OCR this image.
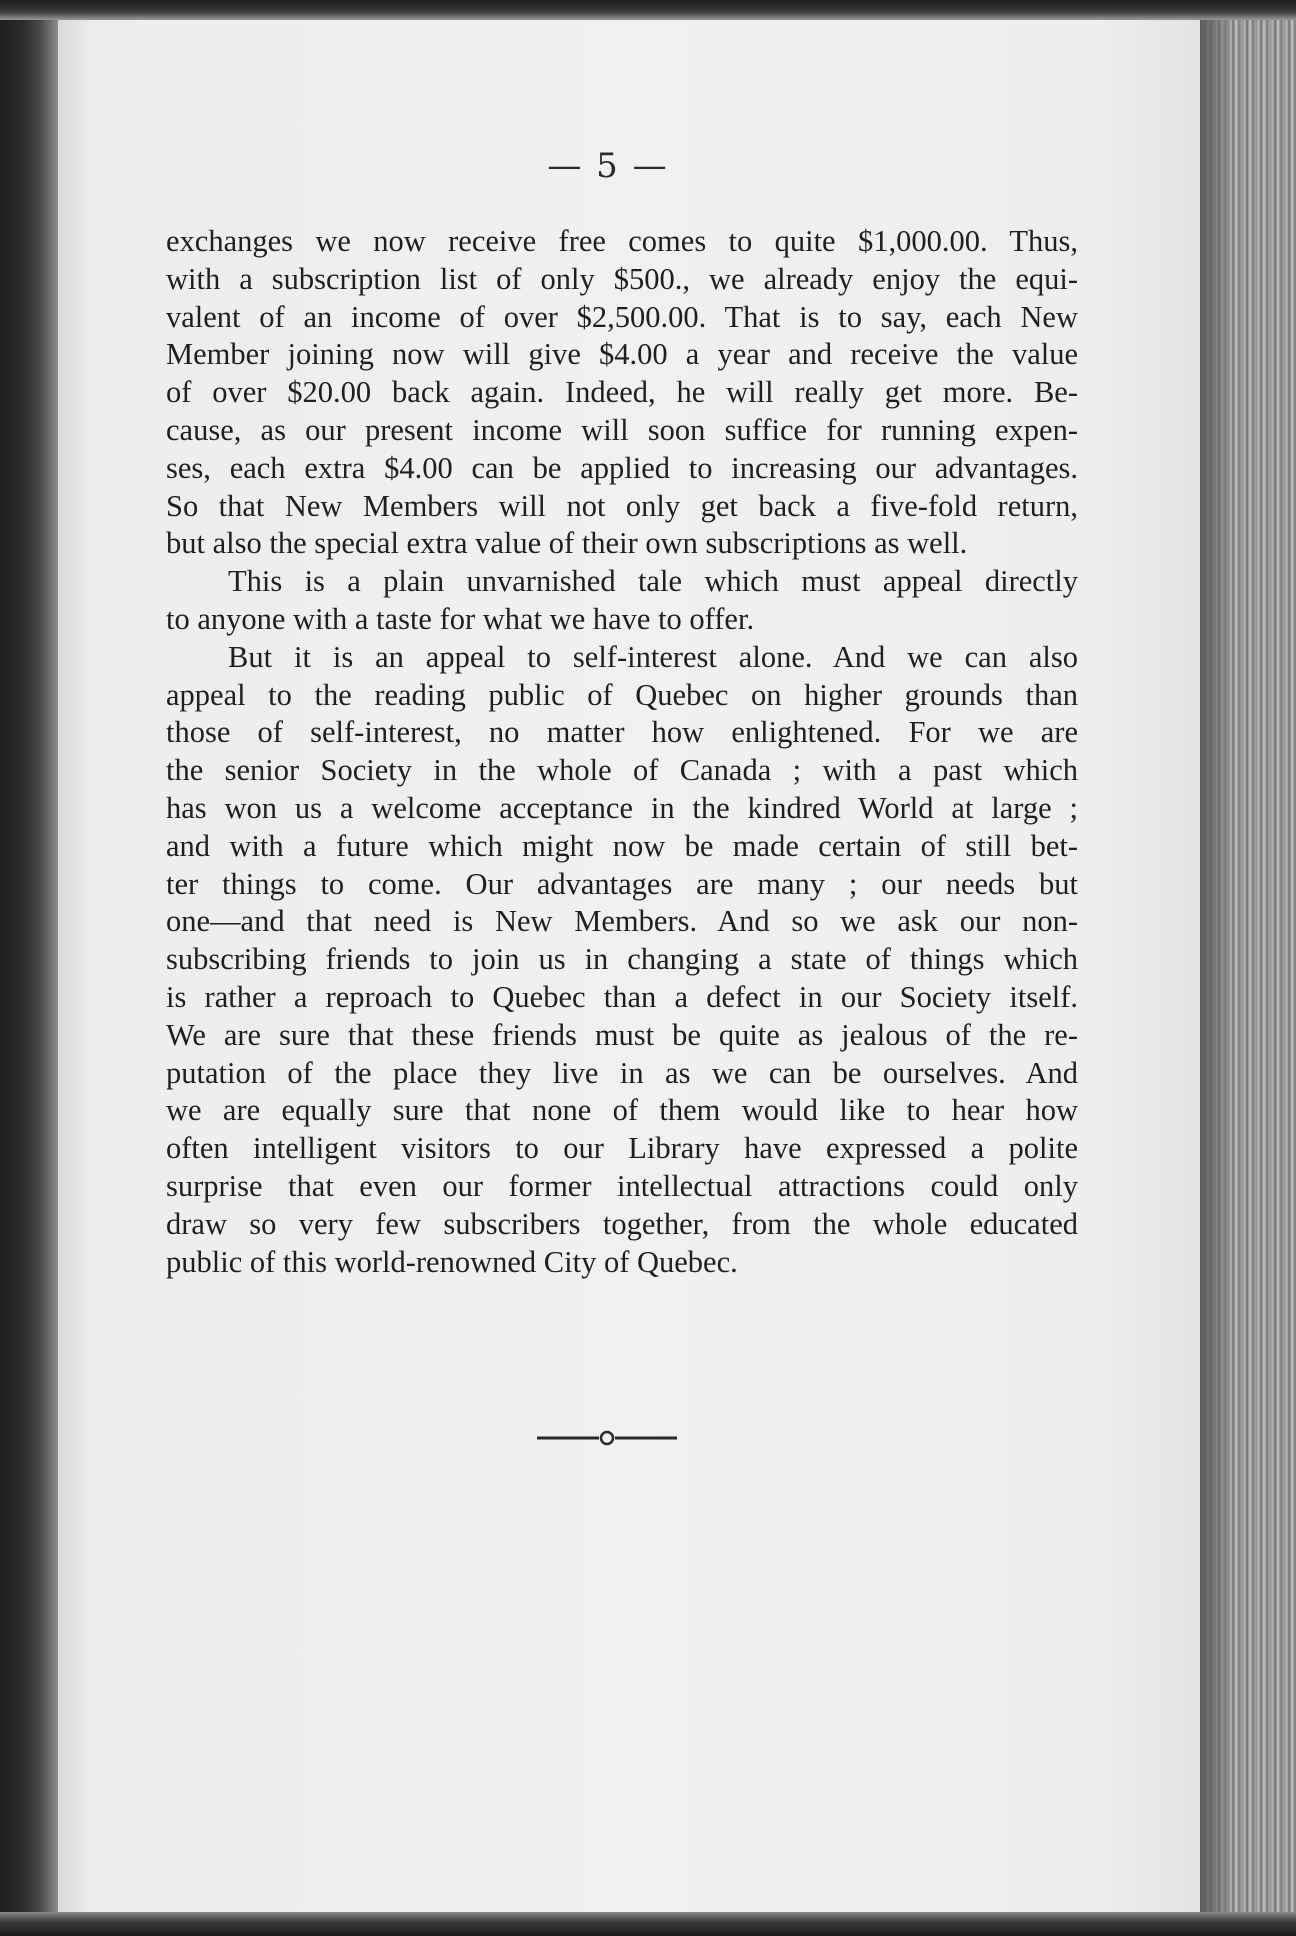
— 5 —
exchanges we now receive free comes to quite $1,000.00. Thus,
with a subscription list of only $500., we already enjoy the equi-
valent of an income of over $2,500.00. That is to say, each New
Member joining now will give $4.00 a year and receive the value
of over $20.00 back again. Indeed, he will really get more. Be-
cause, as our present income will soon suffice for running expen-
ses, each extra $4.00 can be applied to increasing our advantages.
So that New Members will not only get back a five-fold return,
but also the special extra value of their own subscriptions as well.
This is a plain unvarnished tale which must appeal directly
to anyone with a taste for what we have to offer.
But it is an appeal to self-interest alone. And we can also
appeal to the reading public of Quebec on higher grounds than
those of self-interest, no matter how enlightened. For we are
the senior Society in the whole of Canada ; with a past which
has won us a welcome acceptance in the kindred World at large ;
and with a future which might now be made certain of still bet-
ter things to come. Our advantages are many ; our needs but
one—and that need is New Members. And so we ask our non-
subscribing friends to join us in changing a state of things which
is rather a reproach to Quebec than a defect in our Society itself.
We are sure that these friends must be quite as jealous of the re-
putation of the place they live in as we can be ourselves. And
we are equally sure that none of them would like to hear how
often intelligent visitors to our Library have expressed a polite
surprise that even our former intellectual attractions could only
draw so very few subscribers together, from the whole educated
public of this world-renowned City of Quebec.
